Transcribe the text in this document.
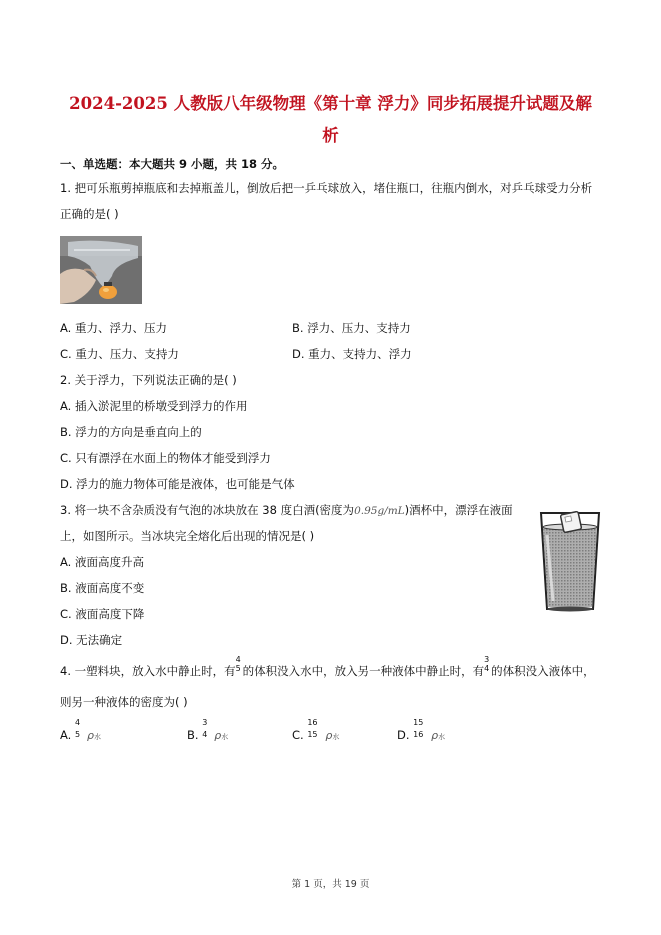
2024-2025 人教版八年级物理《第十章 浮力》同步拓展提升试题及解
析
一、单选题：本大题共 9 小题，共 18 分。
1. 把可乐瓶剪掉瓶底和去掉瓶盖儿，倒放后把一乒乓球放入，堵住瓶口，往瓶内倒水，对乒乓球受力分析
正确的是( )
A. 重力、浮力、压力	B. 浮力、压力、支持力
C. 重力、压力、支持力	D. 重力、支持力、浮力
2. 关于浮力，下列说法正确的是( )
A. 插入淤泥里的桥墩受到浮力的作用
B. 浮力的方向是垂直向上的
C. 只有漂浮在水面上的物体才能受到浮力
D. 浮力的施力物体可能是液体，也可能是气体
3. 将一块不含杂质没有气泡的冰块放在 38 度白酒(密度为0.95g/mL)酒杯中，漂浮在液面
上，如图所示。当冰块完全熔化后出现的情况是( )
A. 液面高度升高
B. 液面高度不变
C. 液面高度下降
D. 无法确定
4. 一塑料块，放入水中静止时，有
4
5 的体积没入水中，放入另一种液体中静止时，有
3
4 的体积没入液体中，
则另一种液体的密度为( )
A.
4
5 ρ水	B.
3
4 ρ水	C.
16
15 ρ水	D.
15
16 ρ水
第 1 页，共 19 页
